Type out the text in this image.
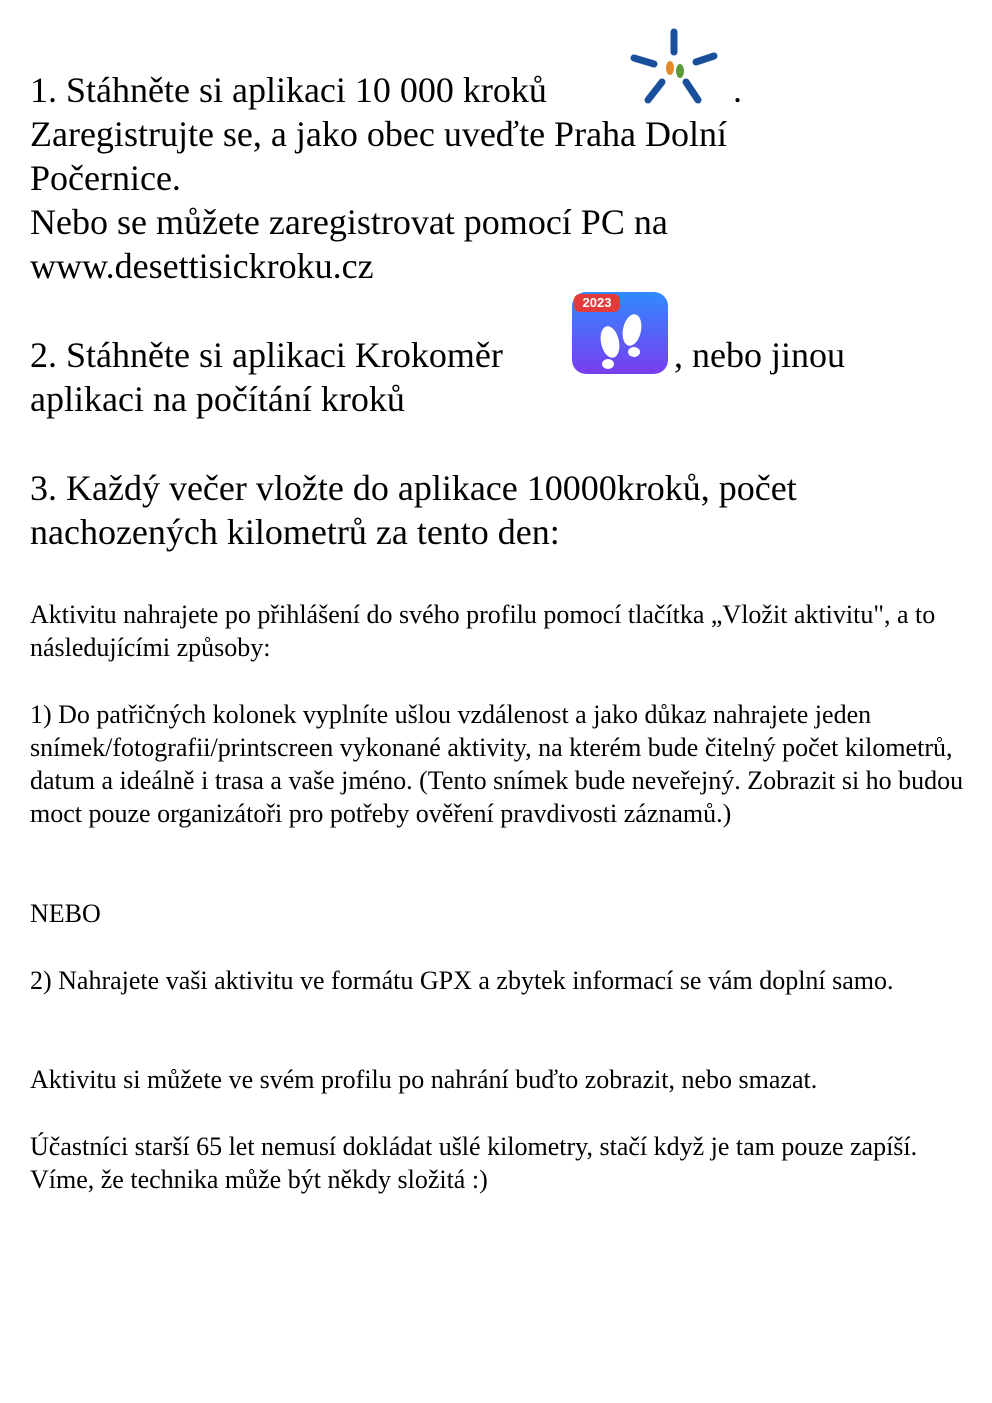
1. Stáhněte si aplikaci 10 000 kroků	.
Zaregistrujte se, a jako obec uveďte Praha Dolní
Počernice.
Nebo se můžete zaregistrovat pomocí PC na
www.desettisickroku.cz
2. Stáhněte si aplikaci Krokoměr
2023
, nebo jinou
aplikaci na počítání kroků
3. Každý večer vložte do aplikace 10000kroků, počet
nachozených kilometrů za tento den:

Aktivitu nahrajete po přihlášení do svého profilu pomocí tlačítka „Vložit aktivitu", a to následujícími způsoby:

1) Do patřičných kolonek vyplníte ušlou vzdálenost a jako důkaz nahrajete jeden snímek/fotografii/printscreen vykonané aktivity, na kterém bude čitelný počet kilometrů, datum a ideálně i trasa a vaše jméno. (Tento snímek bude neveřejný. Zobrazit si ho budou moct pouze organizátoři pro potřeby ověření pravdivosti záznamů.)

NEBO

2) Nahrajete vaši aktivitu ve formátu GPX a zbytek informací se vám doplní samo.

Aktivitu si můžete ve svém profilu po nahrání buďto zobrazit, nebo smazat.

Účastníci starší 65 let nemusí dokládat ušlé kilometry, stačí když je tam pouze zapíší. Víme, že technika může být někdy složitá :)
